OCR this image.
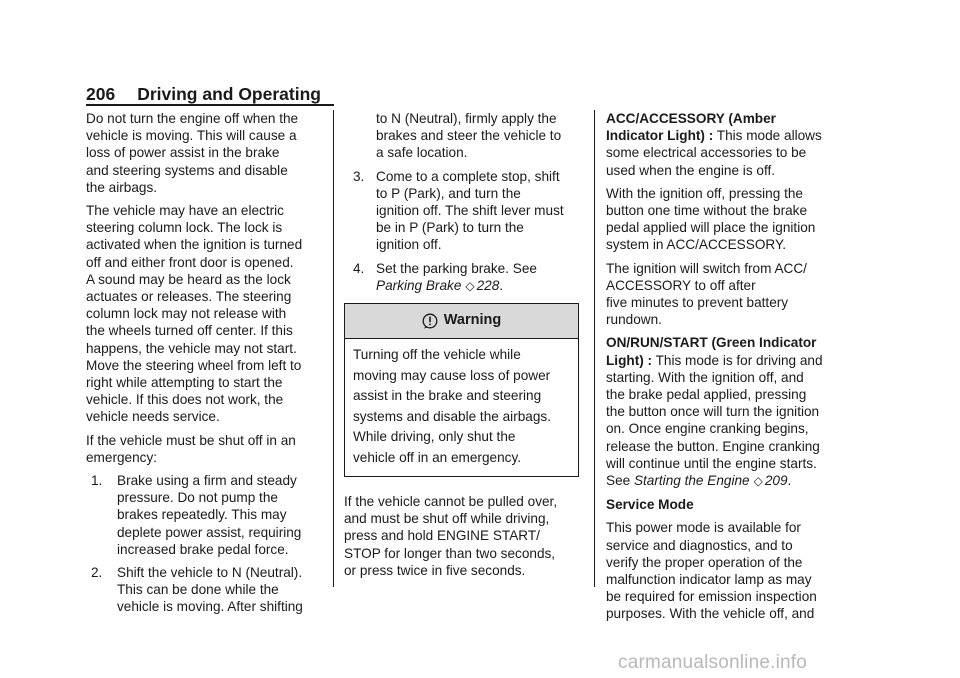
206 Driving and Operating

Do not turn the engine off when the
vehicle is moving. This will cause a
loss of power assist in the brake
and steering systems and disable
the airbags.

The vehicle may have an electric
steering column lock. The lock is
activated when the ignition is turned
off and either front door is opened.
A sound may be heard as the lock
actuates or releases. The steering
column lock may not release with
the wheels turned off center. If this
happens, the vehicle may not start.
Move the steering wheel from left to
right while attempting to start the
vehicle. If this does not work, the
vehicle needs service.

If the vehicle must be shut off in an
emergency:

1. Brake using a firm and steady
pressure. Do not pump the
brakes repeatedly. This may
deplete power assist, requiring
increased brake pedal force.
2. Shift the vehicle to N (Neutral).
This can be done while the
vehicle is moving. After shifting
to N (Neutral), firmly apply the
brakes and steer the vehicle to
a safe location.
3. Come to a complete stop, shift
to P (Park), and turn the
ignition off. The shift lever must
be in P (Park) to turn the
ignition off.
4. Set the parking brake. See
Parking Brake ◇ 228.
Warning
Turning off the vehicle while
moving may cause loss of power
assist in the brake and steering
systems and disable the airbags.
While driving, only shut the
vehicle off in an emergency.

If the vehicle cannot be pulled over,
and must be shut off while driving,
press and hold ENGINE START/
STOP for longer than two seconds,
or press twice in five seconds.

ACC/ACCESSORY (Amber
Indicator Light) : This mode allows
some electrical accessories to be
used when the engine is off.

With the ignition off, pressing the
button one time without the brake
pedal applied will place the ignition
system in ACC/ACCESSORY.

The ignition will switch from ACC/
ACCESSORY to off after
five minutes to prevent battery
rundown.

ON/RUN/START (Green Indicator
Light) : This mode is for driving and
starting. With the ignition off, and
the brake pedal applied, pressing
the button once will turn the ignition
on. Once engine cranking begins,
release the button. Engine cranking
will continue until the engine starts.
See Starting the Engine ◇ 209.

Service Mode

This power mode is available for
service and diagnostics, and to
verify the proper operation of the
malfunction indicator lamp as may
be required for emission inspection
purposes. With the vehicle off, and

carmanualsonline.info
